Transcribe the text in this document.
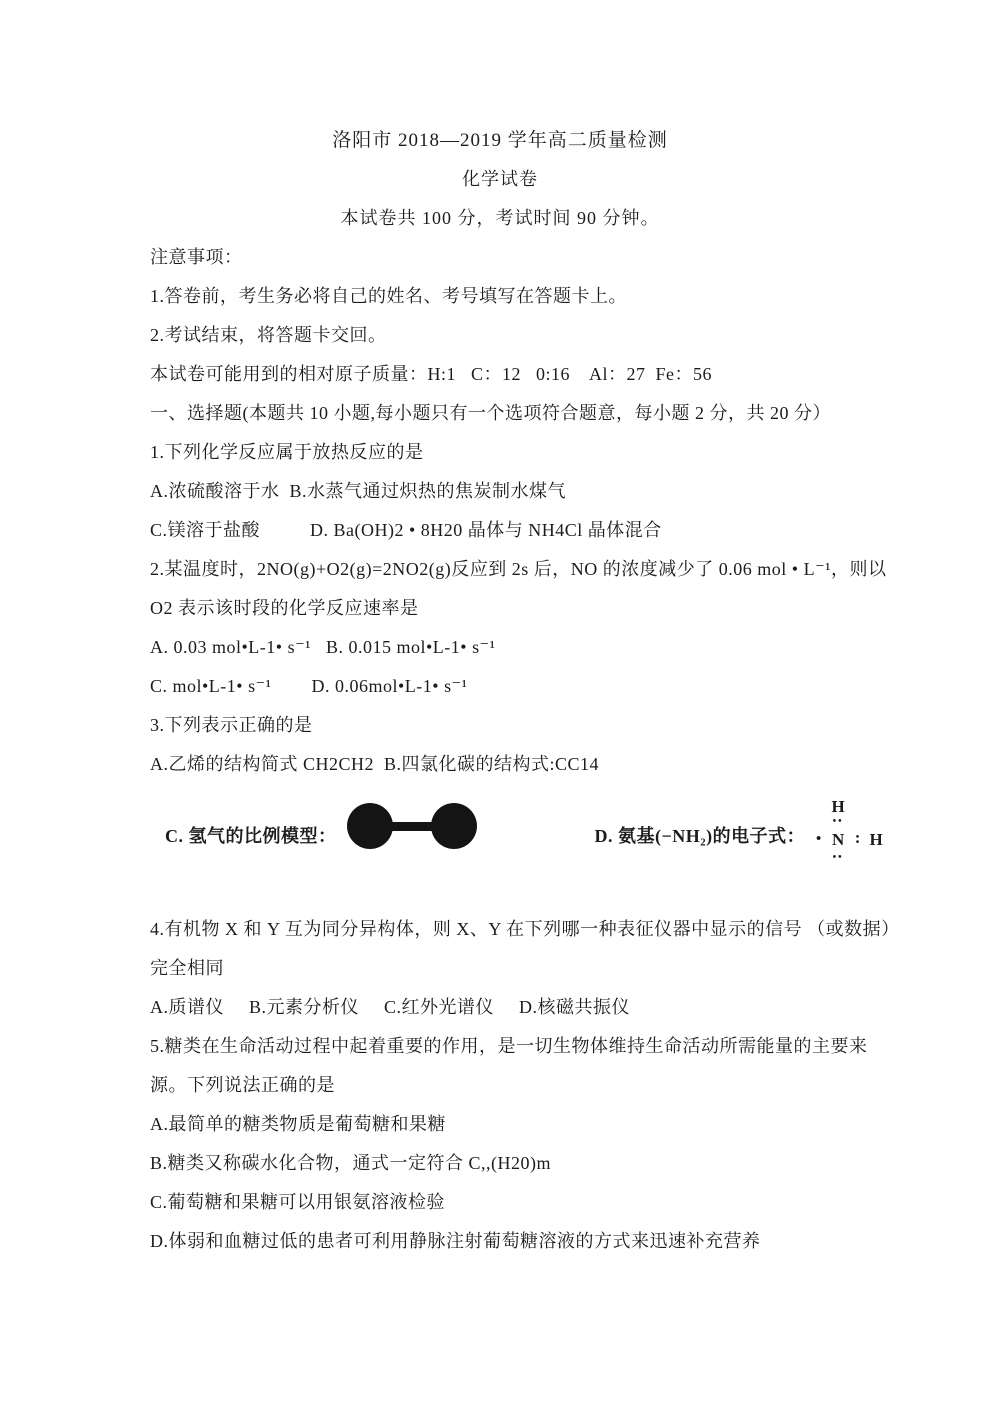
洛阳市 2018—2019 学年高二质量检测
化学试卷
本试卷共 100 分，考试时间 90 分钟。
注意事项：
1.答卷前，考生务必将自己的姓名、考号填写在答题卡上。
2.考试结束，将答题卡交回。
本试卷可能用到的相对原子质量：H:1   C：12   0:16    Al：27  Fe：56
一、选择题(本题共 10 小题,每小题只有一个选项符合题意，每小题 2 分，共 20 分）
1.下列化学反应属于放热反应的是
A.浓硫酸溶于水  B.水蒸气通过炽热的焦炭制水煤气
C.镁溶于盐酸          D. Ba(OH)2 • 8H20 晶体与 NH4Cl 晶体混合
2.某温度时，2NO(g)+O2(g)=2NO2(g)反应到 2s 后，NO 的浓度减少了 0.06 mol • L⁻¹，则以
O2 表示该时段的化学反应速率是
A. 0.03 mol•L-1• s⁻¹   B. 0.015 mol•L-1• s⁻¹
C. mol•L-1• s⁻¹        D. 0.06mol•L-1• s⁻¹
3.下列表示正确的是
A.乙烯的结构简式 CH2CH2  B.四氯化碳的结构式:CC14
C. 氢气的比例模型：

	D. 氨基(−NH₂)的电子式：
H
••
• N : H
••
4.有机物 X 和 Y 互为同分异构体，则 X、Y 在下列哪一种表征仪器中显示的信号 （或数据）
完全相同
A.质谱仪     B.元素分析仪     C.红外光谱仪     D.核磁共振仪
5.糖类在生命活动过程中起着重要的作用，是一切生物体维持生命活动所需能量的主要来
源。下列说法正确的是
A.最简单的糖类物质是葡萄糖和果糖
B.糖类又称碳水化合物，通式一定符合 C,,(H20)m
C.葡萄糖和果糖可以用银氨溶液检验
D.体弱和血糖过低的患者可利用静脉注射葡萄糖溶液的方式来迅速补充营养
